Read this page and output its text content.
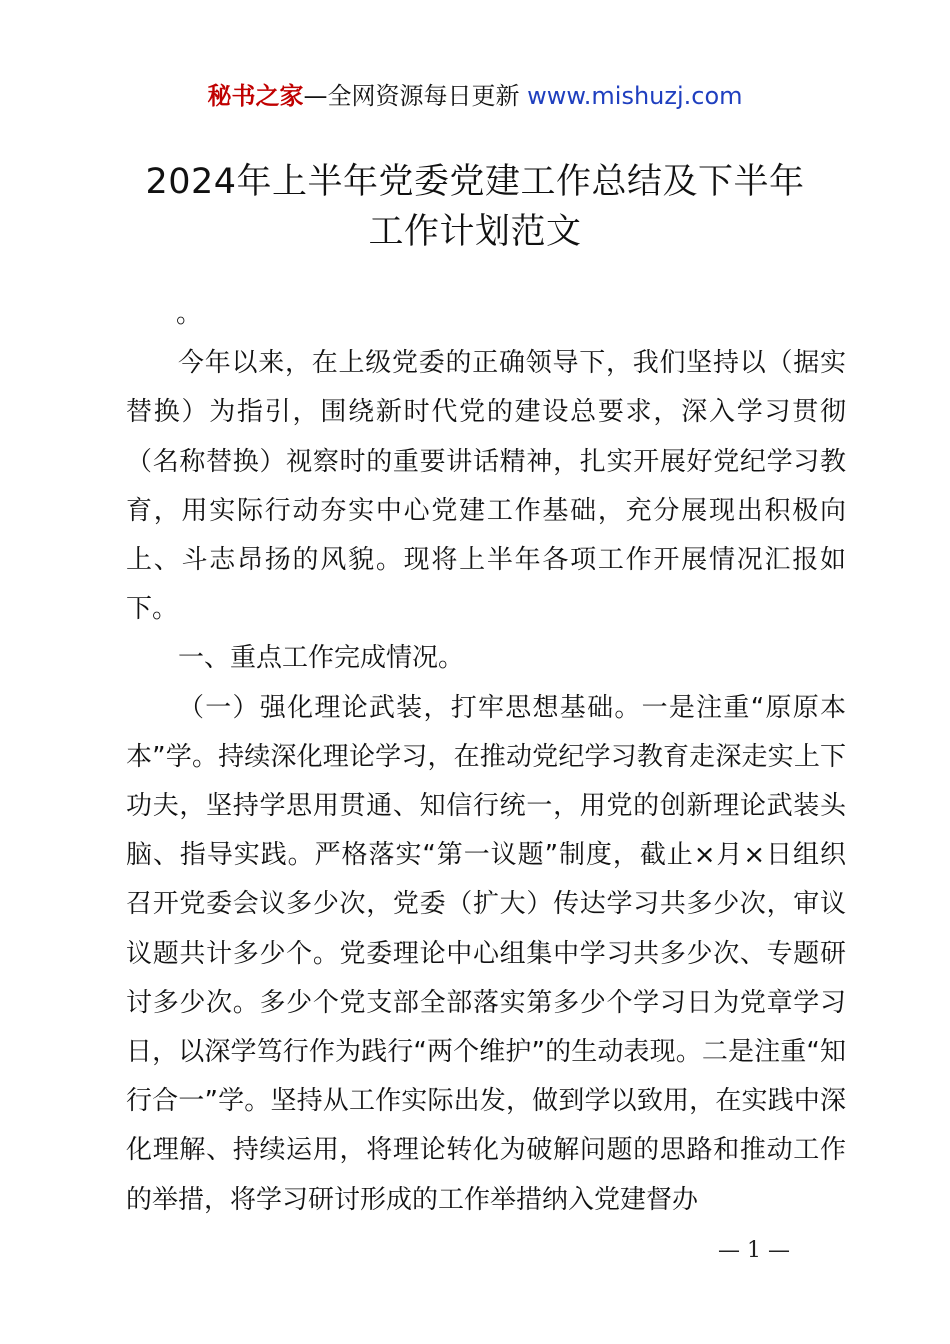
秘书之家—全网资源每日更新 www.mishuzj.com
2024年上半年党委党建工作总结及下半年
工作计划范文

。

今年以来，在上级党委的正确领导下，我们坚持以（据实替换）为指引，围绕新时代党的建设总要求，深入学习贯彻（名称替换）视察时的重要讲话精神，扎实开展好党纪学习教育，用实际行动夯实中心党建工作基础，充分展现出积极向上、斗志昂扬的风貌。现将上半年各项工作开展情况汇报如下。

一、重点工作完成情况。

（一）强化理论武装，打牢思想基础。一是注重“原原本本”学。持续深化理论学习，在推动党纪学习教育走深走实上下功夫，坚持学思用贯通、知信行统一，用党的创新理论武装头脑、指导实践。严格落实“第一议题”制度，截止×月×日组织召开党委会议多少次，党委（扩大）传达学习共多少次，审议议题共计多少个。党委理论中心组集中学习共多少次、专题研讨多少次。多少个党支部全部落实第多少个学习日为党章学习日，以深学笃行作为践行“两个维护”的生动表现。二是注重“知行合一”学。坚持从工作实际出发，做到学以致用，在实践中深化理解、持续运用，将理论转化为破解问题的思路和推动工作的举措，将学习研讨形成的工作举措纳入党建督办

— 1 —
